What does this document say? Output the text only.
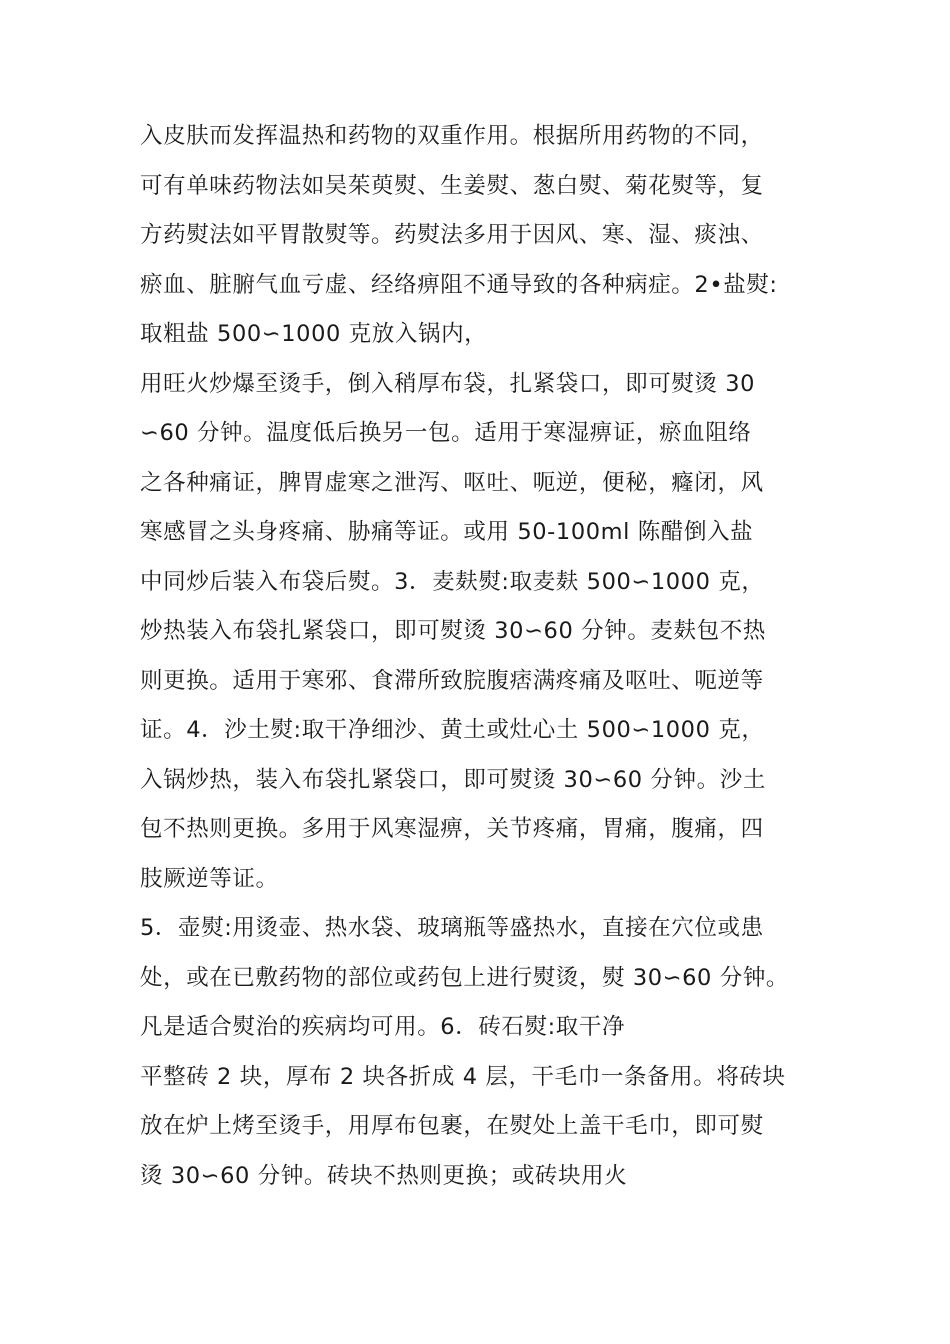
入皮肤而发挥温热和药物的双重作用。根据所用药物的不同，
可有单味药物法如吴茱萸熨、生姜熨、葱白熨、菊花熨等，复
方药熨法如平胃散熨等。药熨法多用于因风、寒、湿、痰浊、
瘀血、脏腑气血亏虚、经络痹阻不通导致的各种病症。2•盐熨:
取粗盐 500∽1000 克放入锅内，
用旺火炒爆至烫手，倒入稍厚布袋，扎紧袋口，即可熨烫 30
∽60 分钟。温度低后换另一包。适用于寒湿痹证，瘀血阻络
之各种痛证，脾胃虚寒之泄泻、呕吐、呃逆，便秘，癃闭，风
寒感冒之头身疼痛、胁痛等证。或用 50-100ml 陈醋倒入盐
中同炒后装入布袋后熨。3．麦麸熨:取麦麸 500∽1000 克，
炒热装入布袋扎紧袋口，即可熨烫 30∽60 分钟。麦麸包不热
则更换。适用于寒邪、食滞所致脘腹痞满疼痛及呕吐、呃逆等
证。4．沙土熨:取干净细沙、黄土或灶心土 500∽1000 克，
入锅炒热，装入布袋扎紧袋口，即可熨烫 30∽60 分钟。沙土
包不热则更换。多用于风寒湿痹，关节疼痛，胃痛，腹痛，四
肢厥逆等证。
5．壶熨:用烫壶、热水袋、玻璃瓶等盛热水，直接在穴位或患
处，或在已敷药物的部位或药包上进行熨烫，熨 30∽60 分钟。
凡是适合熨治的疾病均可用。6．砖石熨:取干净
平整砖 2 块，厚布 2 块各折成 4 层，干毛巾一条备用。将砖块
放在炉上烤至烫手，用厚布包裹，在熨处上盖干毛巾，即可熨
烫 30∽60 分钟。砖块不热则更换；或砖块用火
